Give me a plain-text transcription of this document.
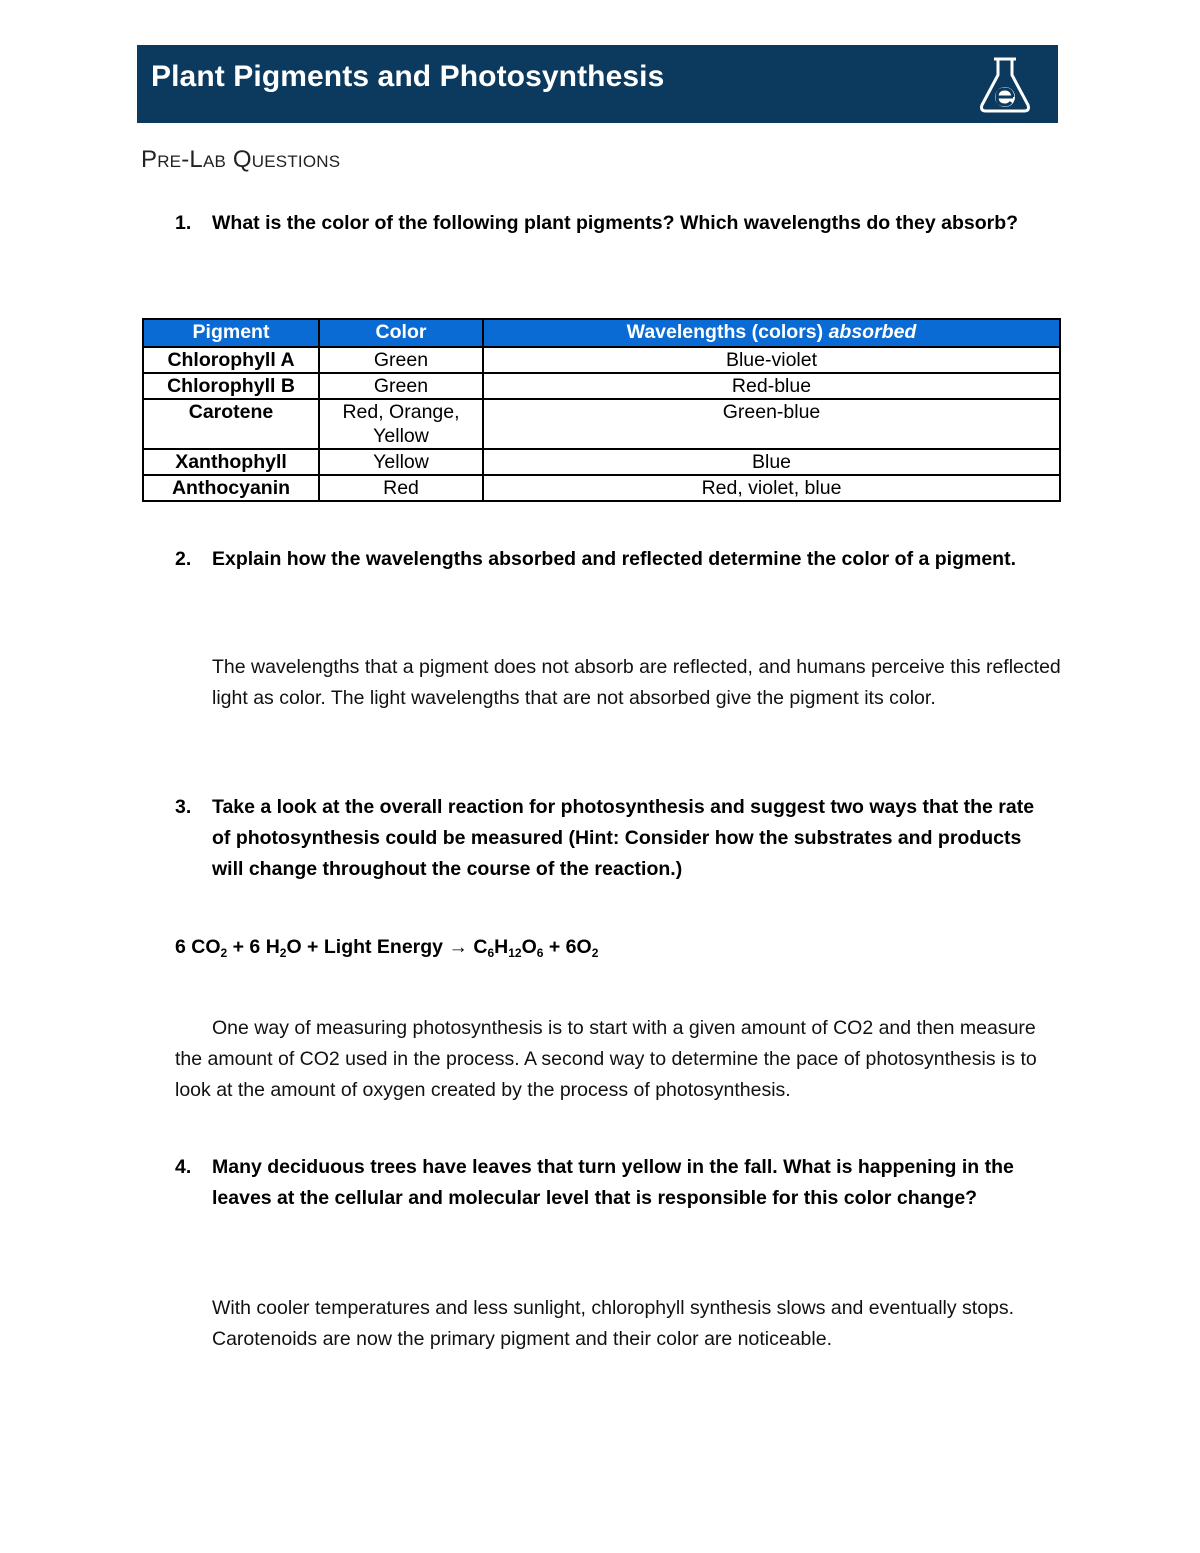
Plant Pigments and Photosynthesis
Pre-Lab Questions
1. What is the color of the following plant pigments? Which wavelengths do they absorb?
Pigment	Color	Wavelengths (colors) absorbed
Chlorophyll A	Green	Blue-violet
Chlorophyll B	Green	Red-blue
Carotene	Red, Orange, Yellow	Green-blue
Xanthophyll	Yellow	Blue
Anthocyanin	Red	Red, violet, blue
2. Explain how the wavelengths absorbed and reflected determine the color of a pigment.
The wavelengths that a pigment does not absorb are reflected, and humans perceive this reflected light as color. The light wavelengths that are not absorbed give the pigment its color.
3. Take a look at the overall reaction for photosynthesis and suggest two ways that the rate of photosynthesis could be measured (Hint: Consider how the substrates and products will change throughout the course of the reaction.)
6 $CO_2 + 6$ $H_2O$ + Light Energy → $C_6H_{12}O_6 + 6O_2$
One way of measuring photosynthesis is to start with a given amount of CO2 and then measure the amount of CO2 used in the process. A second way to determine the pace of photosynthesis is to look at the amount of oxygen created by the process of photosynthesis.
4. Many deciduous trees have leaves that turn yellow in the fall. What is happening in the leaves at the cellular and molecular level that is responsible for this color change?
With cooler temperatures and less sunlight, chlorophyll synthesis slows and eventually stops. Carotenoids are now the primary pigment and their color are noticeable.
